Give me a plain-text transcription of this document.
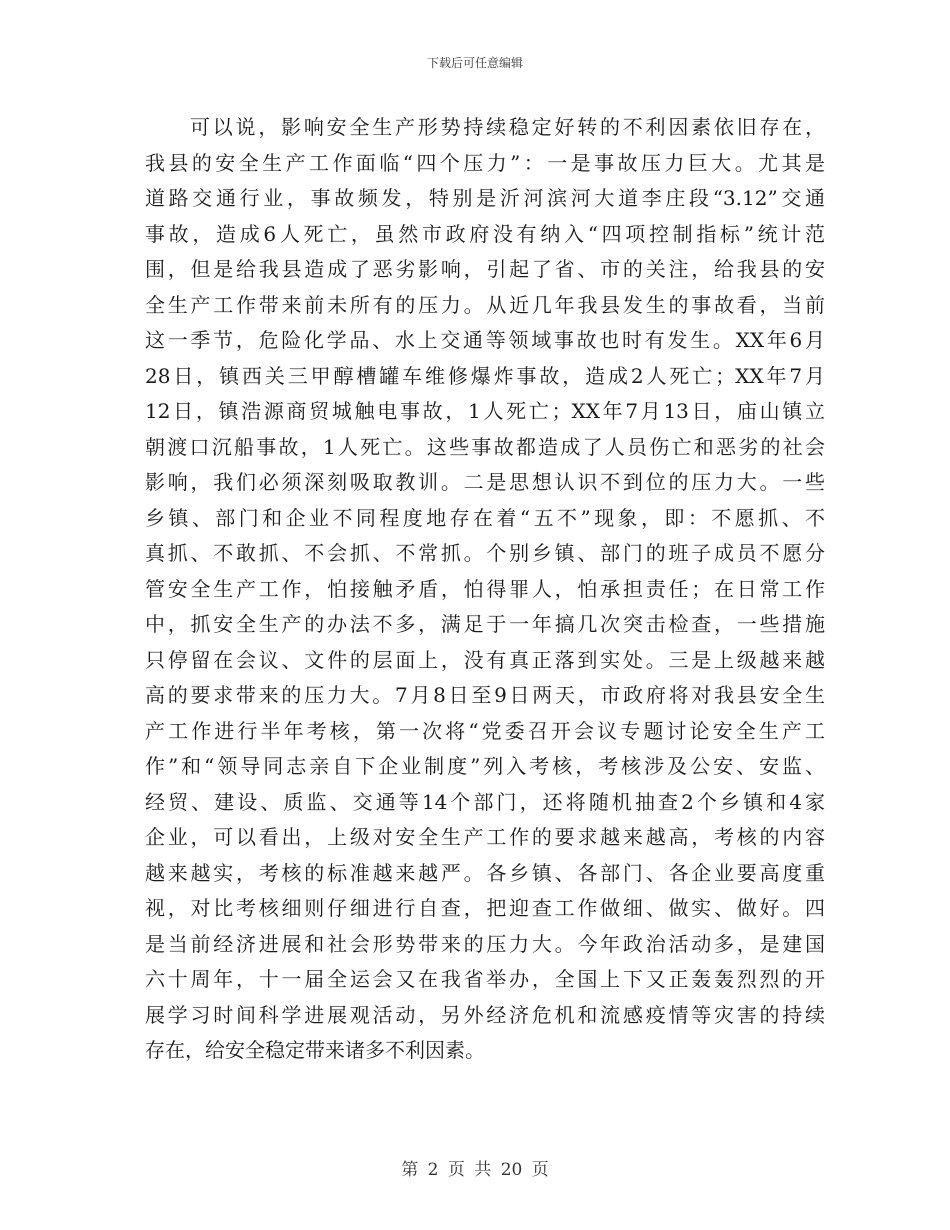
下载后可任意编辑
可以说，影响安全生产形势持续稳定好转的不利因素依旧存在，
我县的安全生产工作面临“四个压力”：一是事故压力巨大。尤其是
道路交通行业，事故频发，特别是沂河滨河大道李庄段“3.12”交通
事故，造成6人死亡，虽然市政府没有纳入“四项控制指标”统计范
围，但是给我县造成了恶劣影响，引起了省、市的关注，给我县的安
全生产工作带来前未所有的压力。从近几年我县发生的事故看，当前
这一季节，危险化学品、水上交通等领域事故也时有发生。XX年6月
28日，镇西关三甲醇槽罐车维修爆炸事故，造成2人死亡；XX年7月
12日，镇浩源商贸城触电事故，1人死亡；XX年7月13日，庙山镇立
朝渡口沉船事故，1人死亡。这些事故都造成了人员伤亡和恶劣的社会
影响，我们必须深刻吸取教训。二是思想认识不到位的压力大。一些
乡镇、部门和企业不同程度地存在着“五不”现象，即：不愿抓、不
真抓、不敢抓、不会抓、不常抓。个别乡镇、部门的班子成员不愿分
管安全生产工作，怕接触矛盾，怕得罪人，怕承担责任；在日常工作
中，抓安全生产的办法不多，满足于一年搞几次突击检查，一些措施
只停留在会议、文件的层面上，没有真正落到实处。三是上级越来越
高的要求带来的压力大。7月8日至9日两天，市政府将对我县安全生
产工作进行半年考核，第一次将“党委召开会议专题讨论安全生产工
作”和“领导同志亲自下企业制度”列入考核，考核涉及公安、安监、
经贸、建设、质监、交通等14个部门，还将随机抽查2个乡镇和4家
企业，可以看出，上级对安全生产工作的要求越来越高，考核的内容
越来越实，考核的标准越来越严。各乡镇、各部门、各企业要高度重
视，对比考核细则仔细进行自查，把迎查工作做细、做实、做好。四
是当前经济进展和社会形势带来的压力大。今年政治活动多，是建国
六十周年，十一届全运会又在我省举办，全国上下又正轰轰烈烈的开
展学习时间科学进展观活动，另外经济危机和流感疫情等灾害的持续
存在，给安全稳定带来诸多不利因素。
第 2 页 共 20 页
